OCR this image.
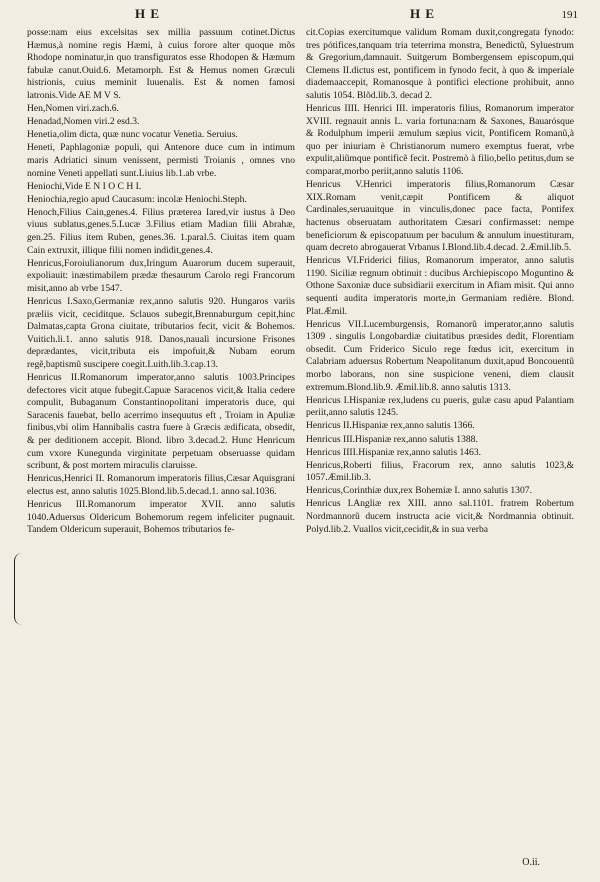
H E	H E	191

posse:nam eius excelsitas sex millia passuum cotinet.Dictus Hæmus,à nomine regis Hæmi, à cuius forore alter quoque mõs Rhodope nominatur,in quo transfiguratos esse Rhodopen & Hæmum fabulæ canut.Ouid.6. Metamorph. Est & Hemus nomen Græculi histrionis, cuius meminit Iuuenalis. Est & nomen famosi latronis.Vide AE M V S.

Hen,Nomen viri.zach.6.

Henadad,Nomen viri.2 esd.3.

Henetia,olim dicta, quæ nunc vocatur Venetia. Seruius.

Heneti, Paphlagoniæ populi, qui Antenore duce cum in intimum maris Adriatici sinum venissent, permisti Troianis , omnes vno nomine Veneti appellati sunt.Liuius lib.1.ab vrbe.

Heniochi,Vide E N I O C H I.

Heniochia,regio apud Caucasum: incolæ Heniochi.Steph.

Henoch,Filius Cain,genes.4. Filius præterea Iared,vir iustus à Deo viuus sublatus,genes.5.Lucæ 3.Filius etiam Madian filii Abrahæ, gen.25. Filius item Ruben, genes.36. 1.paral.5. Ciuitas item quam Cain extruxit, illique filii nomen indidit,genes.4.

Henricus,Foroiulianorum dux,Iringum Auarorum ducem superauit, expoliauit: inæstimabilem prædæ thesaurum Carolo regi Francorum misit,anno ab vrbe 1547.

Henricus I.Saxo,Germaniæ rex,anno salutis 920. Hungaros variis præliis vicit, ceciditque. Sclauos subegit,Brennaburgum cepit,hinc Dalmatas,capta Grona ciuitate, tributarios fecit, vicit & Bohemos. Vuitich.li.1. anno salutis 918. Danos,naualì incursione Frisones deprædantes, vicit,tributa eis impofuit,& Nubam eorum regẽ,baptismũ suscipere coegit.Luith.lib.3.cap.13.

Henricus II.Romanorum imperator,anno salutis 1003.Principes defectores vicit atque fubegit.Capuæ Saracenos vicit,& Italia cedere compulit, Bubaganum Constantinopolitani imperatoris duce, qui Saracenis fauebat, bello acerrimo insequutus eft , Troiam in Apuliæ finibus,vbi olim Hannibalis castra fuere à Græcis ædificata, obsedit, & per deditionem accepit. Blond. libro 3.decad.2. Hunc Henricum cum vxore Kunegunda virginitate perpetuam obseruasse quidam scribunt, & post mortem miraculis claruisse.

Henricus,Henrici II. Romanorum imperatoris filius,Cæsar Aquisgrani electus est, anno salutis 1025.Blond.lib.5.decad.1. anno sal.1036.

Henricus III.Romanorum imperator XVII. anno salutis 1040.Aduersus Oldericum Bohemorum regem infeliciter pugnauit. Tandem Oldericum superauit, Bohemos tributarios fe-

cit.Copias exercitumque validum Romam duxit,congregata fynodo: tres pótifices,tanquam tria teterrima monstra, Benedictũ, Syluestrum & Gregorium,damnauit. Suitgerum Bombergensem episcopum,qui Clemens II.dictus est, pontificem in fynodo fecit, à quo & imperiale diademaaccepit, Romanosque à pontifici electione prohibuit, anno salutis 1054. Blõd.lib.3. decad 2.

Henricus IIII. Henrici III. imperatoris filius, Romanorum imperator XVIII. regnauit annis L. varia fortuna:nam & Saxones, Bauarósque & Rodulphum imperii æmulum sæpius vicit, Pontificem Romanũ,à quo per iniuriam è Christianorum numero exemptus fuerat, vrbe expulit,aliũmque pontificẽ fecit. Postremò à filio,bello petitus,dum se comparat,morbo periit,anno salutis 1106.

Henricus V.Henrici imperatoris filius,Romanorum Cæsar XIX.Romam venit,cæpit Pontificem & aliquot Cardinales,seruauitque in vinculis,donec pace facta, Pontifex hactenus obseruatam authoritatem Cæsari confirmasset: nempe beneficiorum & episcopatuum per baculum & annulum inuestituram, quam decreto abrogauerat Vrbanus I.Blond.lib.4.decad. 2.Æmil.lib.5.

Henricus VI.Friderici filius, Romanorum imperator, anno salutis 1190. Siciliæ regnum obtinuit : ducibus Archiepiscopo Moguntino & Othone Saxoniæ duce subsidiarii exercitum in Afiam misit. Qui anno sequenti audita imperatoris morte,in Germaniam redière. Blond. Plat.Æmil.

Henricus VII.Lucemburgensis, Romanorũ imperator,anno salutis 1309 . singulis Longobardiæ ciuitatibus præsides dedit, Florentiam obsedit. Cum Friderico Siculo rege fœdus icit, exercitum in Calabriam aduersus Robertum Neapolitanum duxit,apud Boncouentũ morbo laborans, non sine suspicione veneni, diem clausit extremum.Blond.lib.9. Æmil.lib.8. anno salutis 1313.

Henricus I.Hispaniæ rex,ludens cu pueris, gulæ casu apud Palantiam periit,anno salutis 1245.

Henricus II.Hispaniæ rex,anno salutis 1366.

Henricus III.Hispaniæ rex,anno salutis 1388.

Henricus IIII.Hispaniæ rex,anno salutis 1463.

Henricus,Roberti filius, Fracorum rex, anno salutis 1023,& 1057.Æmil.lib.3.

Henricus,Corinthiæ dux,rex Bohemiæ I. anno salutis 1307.

Henricus I.Angliæ rex XIII. anno sal.1101. fratrem Robertum Nordmannorũ ducem instructa acie vicit,& Nordmannia obtinuit. Polyd.lib.2. Vuallos vicit,cecidit,& in sua verba

O.ii.
